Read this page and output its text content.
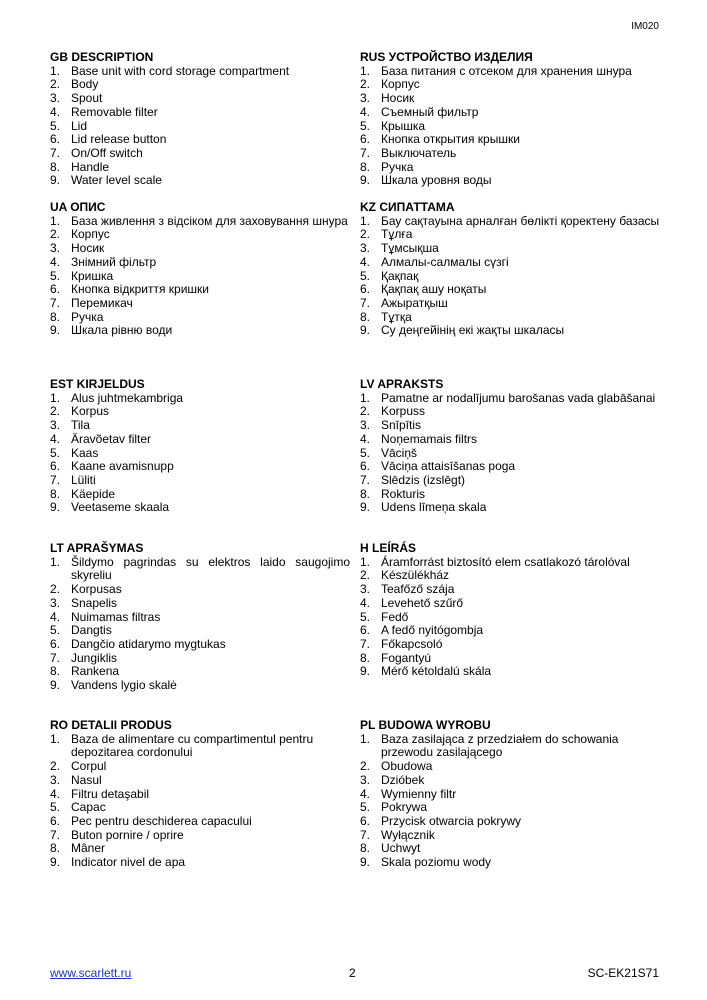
IM020
GB DESCRIPTION
1. Base unit with cord storage compartment
2. Body
3. Spout
4. Removable filter
5. Lid
6. Lid release button
7. On/Off switch
8. Handle
9. Water level scale
RUS УСТРОЙСТВО ИЗДЕЛИЯ
1. База питания с отсеком для хранения шнура
2. Корпус
3. Носик
4. Съемный фильтр
5. Крышка
6. Кнопка открытия крышки
7. Выключатель
8. Ручка
9. Шкала уровня воды
UA ОПИС
1. База живлення з відсіком для заховування шнура
2. Корпус
3. Носик
4. Знімний фільтр
5. Кришка
6. Кнопка відкриття кришки
7. Перемикач
8. Ручка
9. Шкала рівню води
KZ СИПАТТАМА
1. Бау сақтауына арналған бөлікті қоректену базасы
2. Тұлға
3. Тұмсықша
4. Алмалы-салмалы сүзгі
5. Қақпақ
6. Қақпақ ашу ноқаты
7. Ажыратқыш
8. Тұтқа
9. Су деңгейінің екі жақты шкаласы
EST KIRJELDUS
1. Alus juhtmekambriga
2. Korpus
3. Tila
4. Äravõetav filter
5. Kaas
6. Kaane avamisnupp
7. Lüliti
8. Käepide
9. Veetaseme skaala
LV APRAKSTS
1. Pamatne ar nodalījumu barošanas vada glabāšanai
2. Korpuss
3. Snīpītis
4. Noņemamais filtrs
5. Vāciņš
6. Vāciņa attaisīšanas poga
7. Slēdzis (izslēgt)
8. Rokturis
9. Udens līmeņa skala
LT APRAŠYMAS
1. Šildymo pagrindas su elektros laido saugojimo skyreliu
2. Korpusas
3. Snapelis
4. Nuimamas filtras
5. Dangtis
6. Dangčio atidarymo mygtukas
7. Jungiklis
8. Rankena
9. Vandens lygio skalė
H LEÍRÁS
1. Áramforrást biztosító elem csatlakozó tárolóval
2. Készülékház
3. Teafőző szája
4. Levehető szűrő
5. Fedő
6. A fedő nyitógombja
7. Főkapcsoló
8. Fogantyú
9. Mérő kétoldalú skála
RO DETALII PRODUS
1. Baza de alimentare cu compartimentul pentru depozitarea cordonului
2. Corpul
3. Nasul
4. Filtru detaşabil
5. Capac
6. Pec pentru deschiderea capacului
7. Buton pornire / oprire
8. Mâner
9. Indicator nivel de apa
PL BUDOWA WYROBU
1. Baza zasilająca z przedziałem do schowania przewodu zasilającego
2. Obudowa
3. Dzióbek
4. Wymienny filtr
5. Pokrywa
6. Przycisk otwarcia pokrywy
7. Wyłącznik
8. Uchwyt
9. Skala poziomu wody
www.scarlett.ru	2	SC-EK21S71
